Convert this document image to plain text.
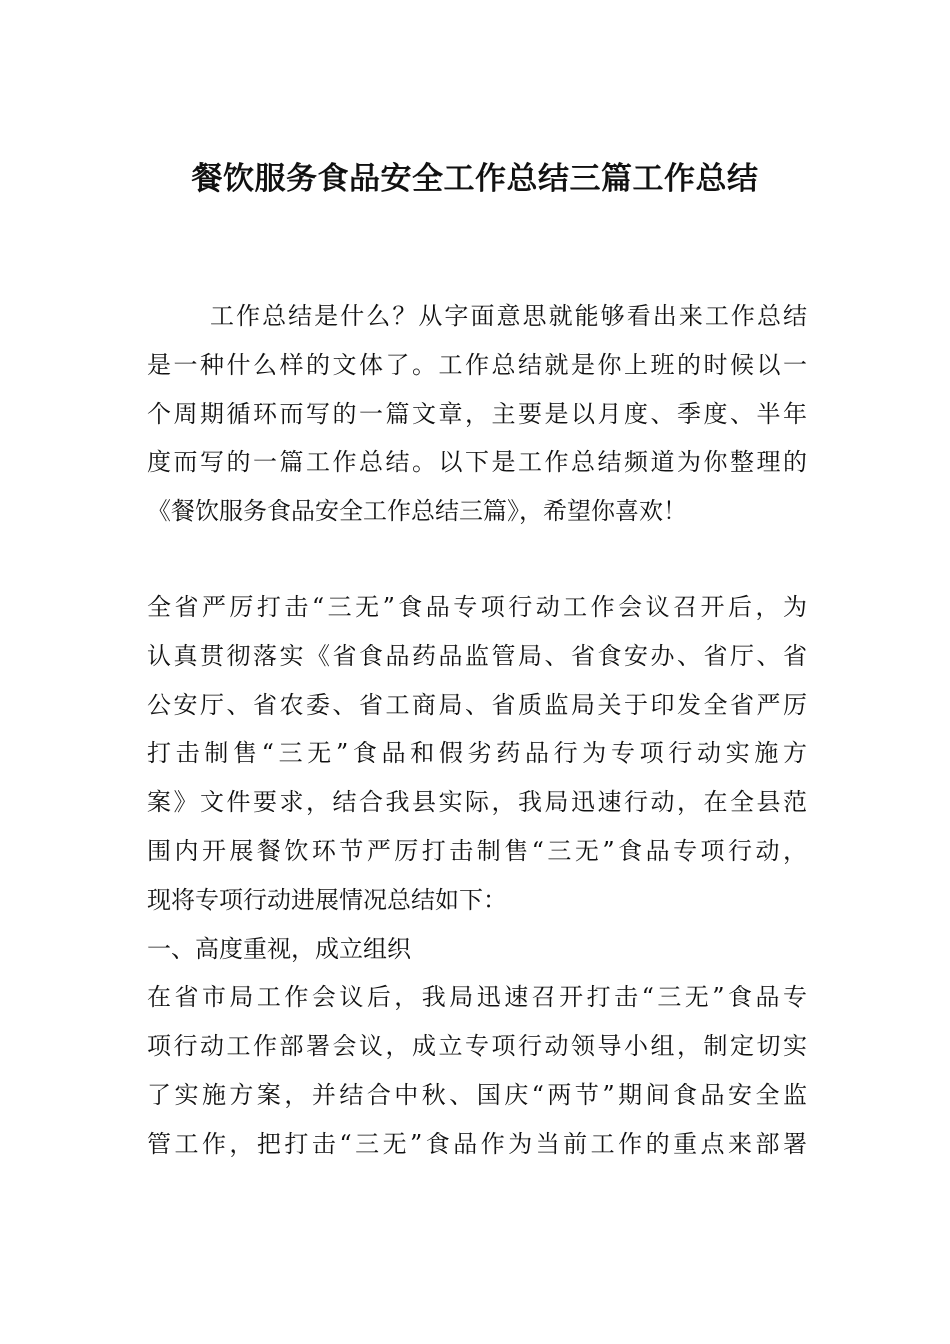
餐饮服务食品安全工作总结三篇工作总结
工作总结是什么？从字面意思就能够看出来工作总结
是一种什么样的文体了。工作总结就是你上班的时候以一
个周期循环而写的一篇文章，主要是以月度、季度、半年
度而写的一篇工作总结。以下是工作总结频道为你整理的
《餐饮服务食品安全工作总结三篇》，希望你喜欢！
全省严厉打击“三无”食品专项行动工作会议召开后，为
认真贯彻落实《省食品药品监管局、省食安办、省厅、省
公安厅、省农委、省工商局、省质监局关于印发全省严厉
打击制售“三无”食品和假劣药品行为专项行动实施方
案》文件要求，结合我县实际，我局迅速行动，在全县范
围内开展餐饮环节严厉打击制售“三无”食品专项行动，
现将专项行动进展情况总结如下：
一、高度重视，成立组织
在省市局工作会议后，我局迅速召开打击“三无”食品专
项行动工作部署会议，成立专项行动领导小组，制定切实
了实施方案，并结合中秋、国庆“两节”期间食品安全监
管工作，把打击“三无”食品作为当前工作的重点来部署
